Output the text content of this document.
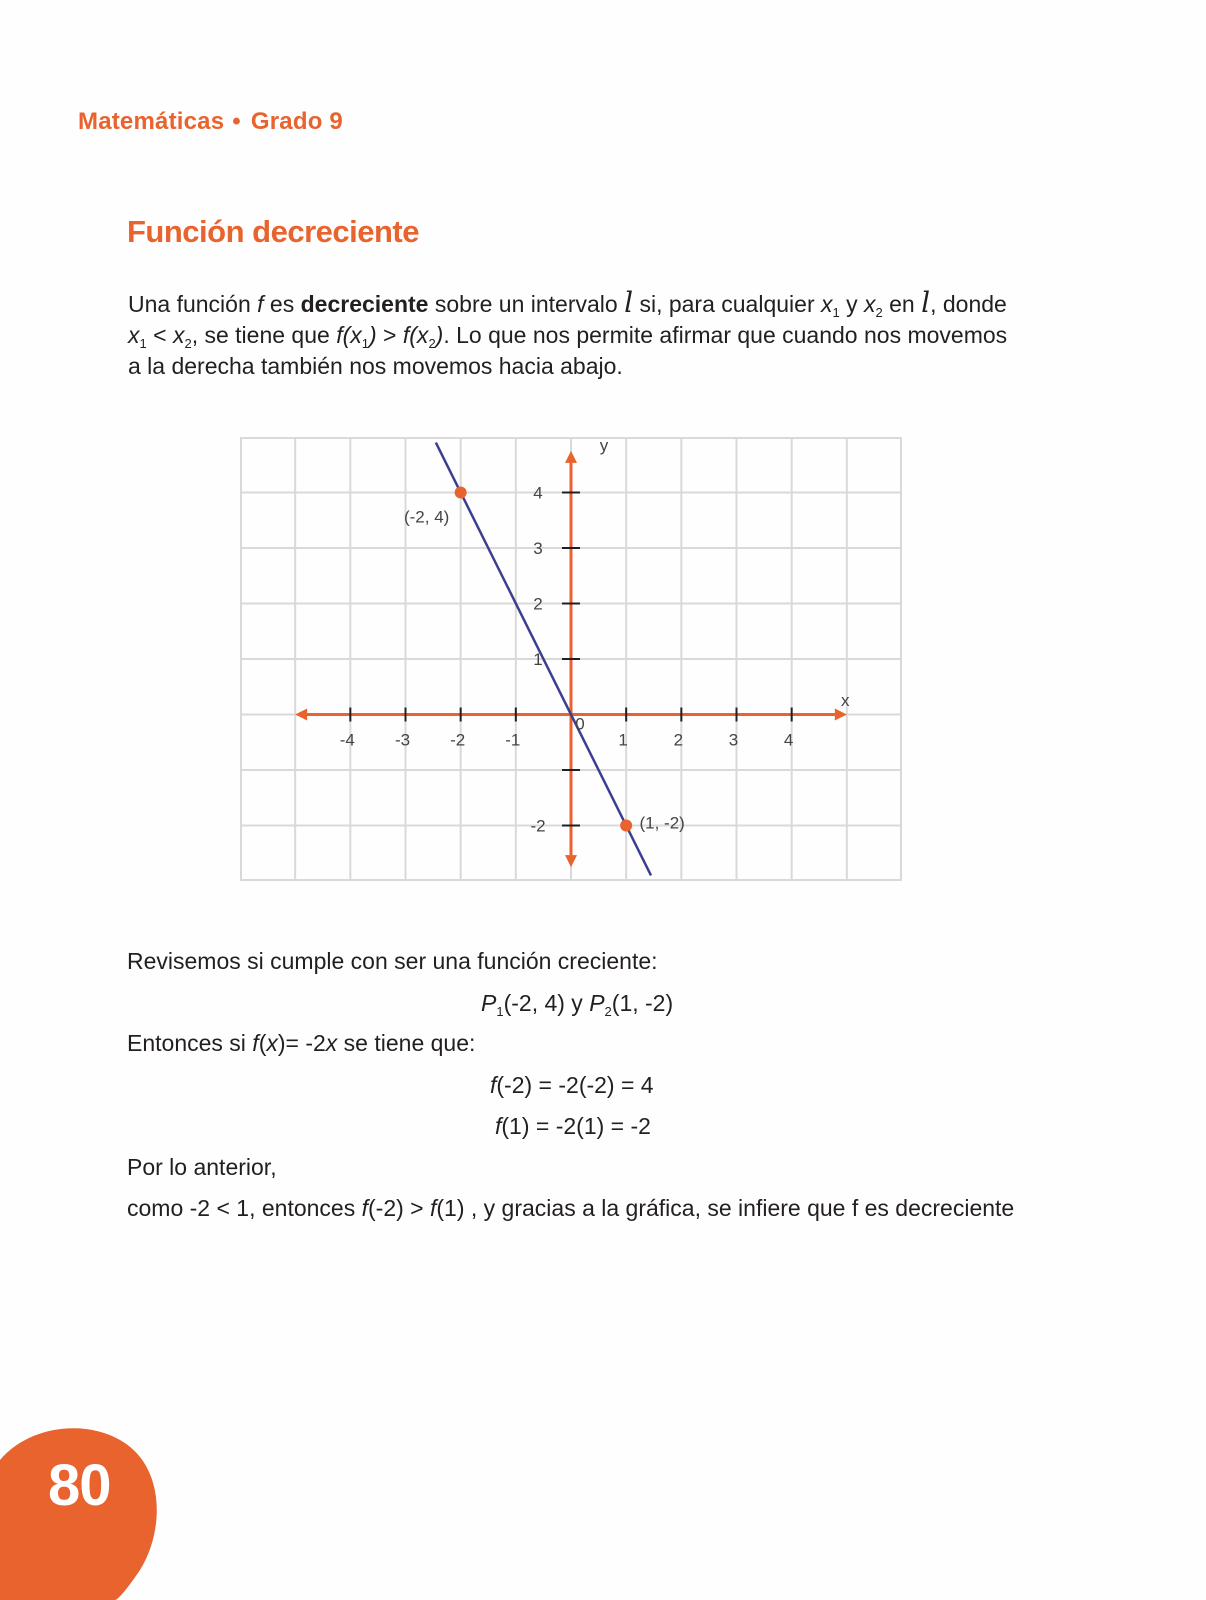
Matemáticas • Grado 9
Función decreciente
Una función f es decreciente sobre un intervalo l si, para cualquier $x_1$ y $x_2$ en l, donde
$x_1 < x_2$, se tiene que $f(x_1) > f(x_2)$. Lo que nos permite afirmar que cuando nos movemos
a la derecha también nos movemos hacia abajo.
-4 -3 -2 -1	1	2	3	4
4
3
2
1
-2
0
x
y
(-2, 4)
(1, -2)
Revisemos si cumple con ser una función creciente:
$P_1(-2$, 4) y $P_2(1$, -2)
Entonces si f(x)= -2x se tiene que:
f(-2) = -2(-2) = 4
f(1) = -2(1) = -2
Por lo anterior,
como -2 < 1, entonces f(-2) > f(1) , y gracias a la gráfica, se infiere que f es decreciente
80
